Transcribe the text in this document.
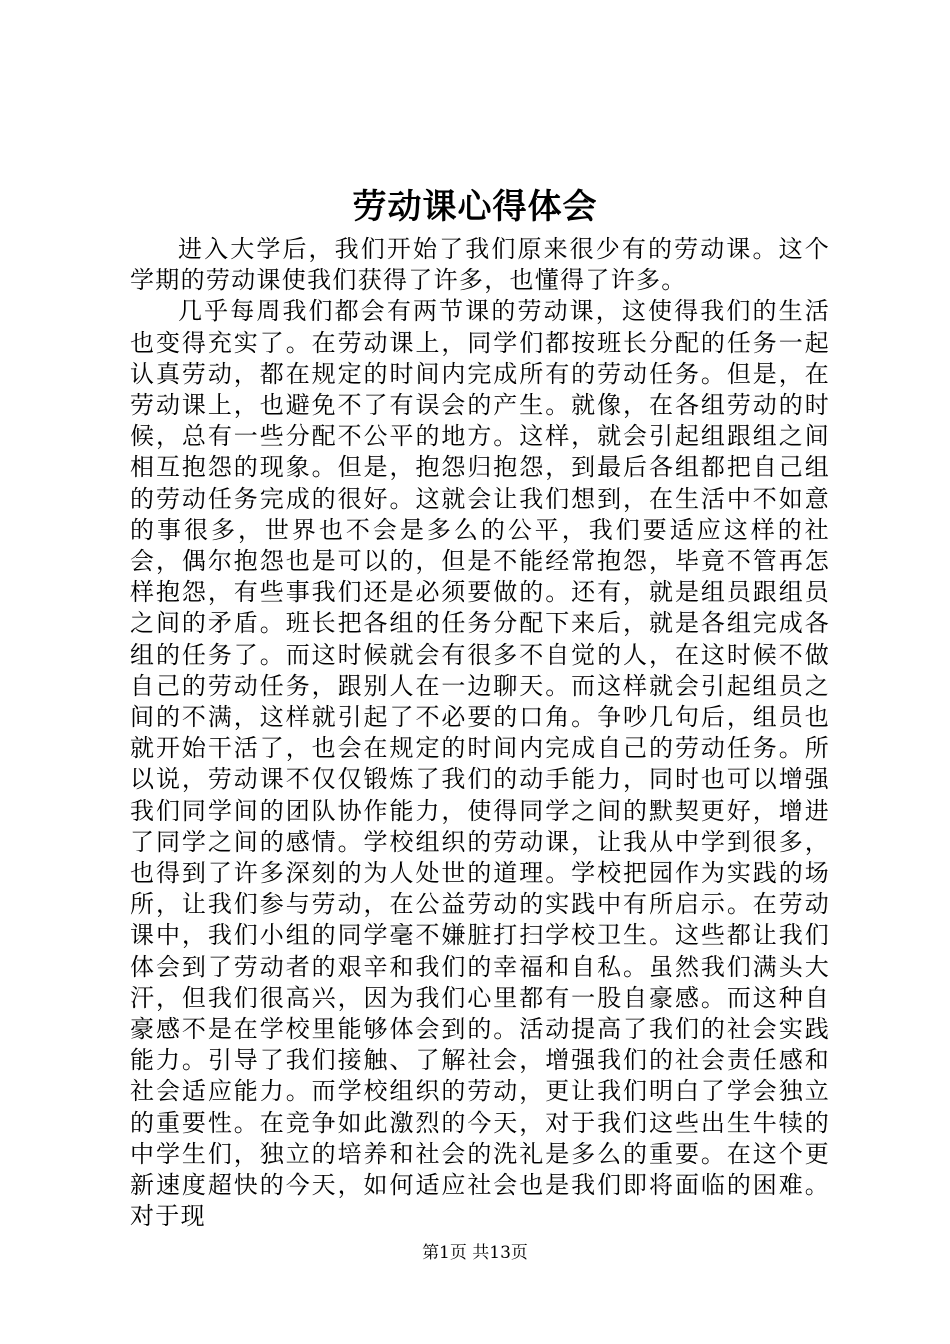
劳动课心得体会

进入大学后，我们开始了我们原来很少有的劳动课。这个学期的劳动课使我们获得了许多，也懂得了许多。

几乎每周我们都会有两节课的劳动课，这使得我们的生活也变得充实了。在劳动课上，同学们都按班长分配的任务一起认真劳动，都在规定的时间内完成所有的劳动任务。但是，在劳动课上，也避免不了有误会的产生。就像，在各组劳动的时候，总有一些分配不公平的地方。这样，就会引起组跟组之间相互抱怨的现象。但是，抱怨归抱怨，到最后各组都把自己组的劳动任务完成的很好。这就会让我们想到，在生活中不如意的事很多，世界也不会是多么的公平，我们要适应这样的社会，偶尔抱怨也是可以的，但是不能经常抱怨，毕竟不管再怎样抱怨，有些事我们还是必须要做的。还有，就是组员跟组员之间的矛盾。班长把各组的任务分配下来后，就是各组完成各组的任务了。而这时候就会有很多不自觉的人，在这时候不做自己的劳动任务，跟别人在一边聊天。而这样就会引起组员之间的不满，这样就引起了不必要的口角。争吵几句后，组员也就开始干活了，也会在规定的时间内完成自己的劳动任务。所以说，劳动课不仅仅锻炼了我们的动手能力，同时也可以增强我们同学间的团队协作能力，使得同学之间的默契更好，增进了同学之间的感情。学校组织的劳动课，让我从中学到很多，也得到了许多深刻的为人处世的道理。学校把园作为实践的场所，让我们参与劳动，在公益劳动的实践中有所启示。在劳动课中，我们小组的同学毫不嫌脏打扫学校卫生。这些都让我们体会到了劳动者的艰辛和我们的幸福和自私。虽然我们满头大汗，但我们很高兴，因为我们心里都有一股自豪感。而这种自豪感不是在学校里能够体会到的。活动提高了我们的社会实践能力。引导了我们接触、了解社会，增强我们的社会责任感和社会适应能力。而学校组织的劳动，更让我们明白了学会独立的重要性。在竞争如此激烈的今天，对于我们这些出生牛犊的中学生们，独立的培养和社会的洗礼是多么的重要。在这个更新速度超快的今天，如何适应社会也是我们即将面临的困难。对于现

第1页 共13页
